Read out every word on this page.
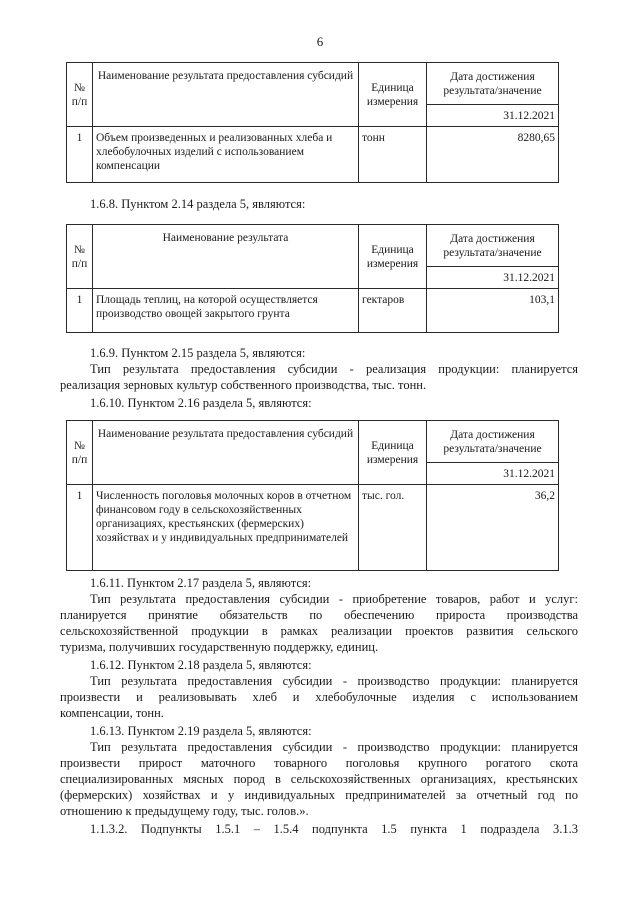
6
№ п/п	Наименование результата предоставления субсидий	Единица измерения	Дата достижения результата/значение
			31.12.2021
1	Объем произведенных и реализованных хлеба и хлебобулочных изделий с использованием компенсации	тонн	8280,65

1.6.8. Пунктом 2.14 раздела 5, являются:

№ п/п	Наименование результата	Единица измерения	Дата достижения результата/значение
			31.12.2021
1	Площадь теплиц, на которой осуществляется производство овощей закрытого грунта	гектаров	103,1

1.6.9. Пунктом 2.15 раздела 5, являются:

Тип результата предоставления субсидии - реализация продукции: планируется

реализация зерновых культур собственного производства, тыс. тонн.

1.6.10. Пунктом 2.16 раздела 5, являются:

№ п/п	Наименование результата предоставления субсидий	Единица измерения	Дата достижения результата/значение
			31.12.2021
1	Численность поголовья молочных коров в отчетном финансовом году в сельскохозяйственных организациях, крестьянских (фермерских) хозяйствах и у индивидуальных предпринимателей	тыс. гол.	36,2

1.6.11. Пунктом 2.17 раздела 5, являются:

Тип результата предоставления субсидии - приобретение товаров, работ и услуг:

планируется принятие обязательств по обеспечению прироста производства

сельскохозяйственной продукции в рамках реализации проектов развития сельского

туризма, получивших государственную поддержку, единиц.

1.6.12. Пунктом 2.18 раздела 5, являются:

Тип результата предоставления субсидии - производство продукции: планируется

произвести и реализовывать хлеб и хлебобулочные изделия с использованием

компенсации, тонн.

1.6.13. Пунктом 2.19 раздела 5, являются:

Тип результата предоставления субсидии - производство продукции: планируется

произвести прирост маточного товарного поголовья крупного рогатого скота

специализированных мясных пород в сельскохозяйственных организациях, крестьянских

(фермерских) хозяйствах и у индивидуальных предпринимателей за отчетный год по

отношению к предыдущему году, тыс. голов.».

1.1.3.2. Подпункты 1.5.1 – 1.5.4 подпункта 1.5 пункта 1 подраздела 3.1.3
